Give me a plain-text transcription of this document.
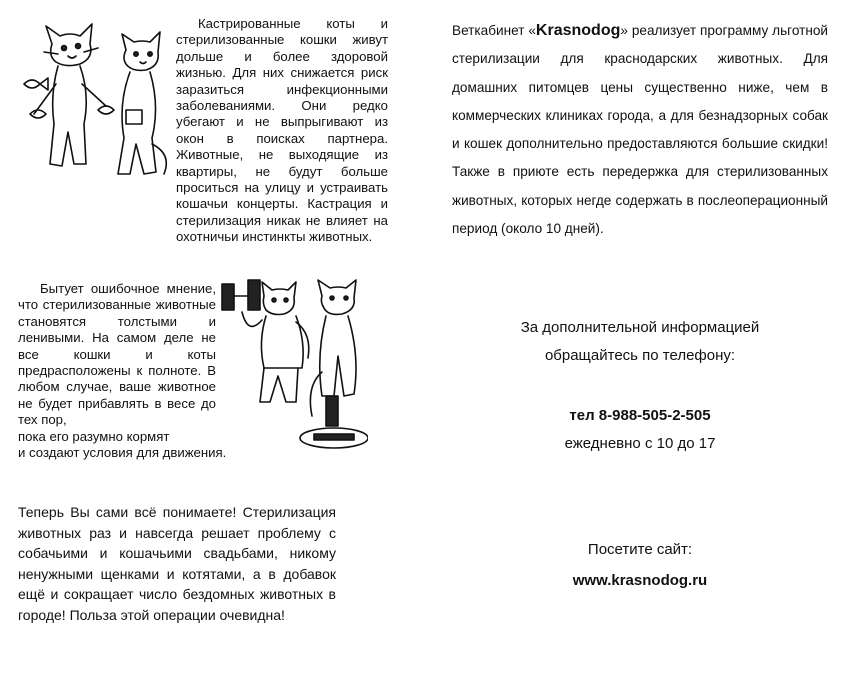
Кастрированные коты и стерилизованные кошки живут дольше и более здоровой жизнью. Для них снижается риск заразиться инфекционными заболеваниями. Они редко убегают и не выпрыгивают из окон в поисках партнера. Животные, не выходящие из квартиры, не будут больше проситься на улицу и устраивать кошачьи концерты. Кастрация и стерилизация никак не влияет на охотничьи инстинкты животных.

Бытует ошибочное мнение, что стерилизованные животные становятся толстыми и ленивыми. На самом деле не все кошки и коты предрасположены к полноте. В любом случае, ваше животное не будет прибавлять в весе до тех пор,

пока его разумно кормят

и создают условия для движения.

Теперь Вы сами всё понимаете! Стерилизация животных раз и навсегда решает проблему с собачьими и кошачьими свадьбами, никому ненужными щенками и котятами, а в добавок ещё и сокращает число бездомных животных в городе! Польза этой операции очевидна!

Веткабинет «Krasnodog» реализует программу льготной стерилизации для краснодарских животных. Для домашних питомцев цены существенно ниже, чем в коммерческих клиниках города, а для безнадзорных собак и кошек дополнительно предоставляются большие скидки! Также в приюте есть передержка для стерилизованных животных, которых негде содержать в послеоперационный период (около 10 дней).
За дополнительной информацией
обращайтесь по телефону:
тел 8-988-505-2-505
ежедневно с 10 до 17
Посетите сайт:
www.krasnodog.ru
